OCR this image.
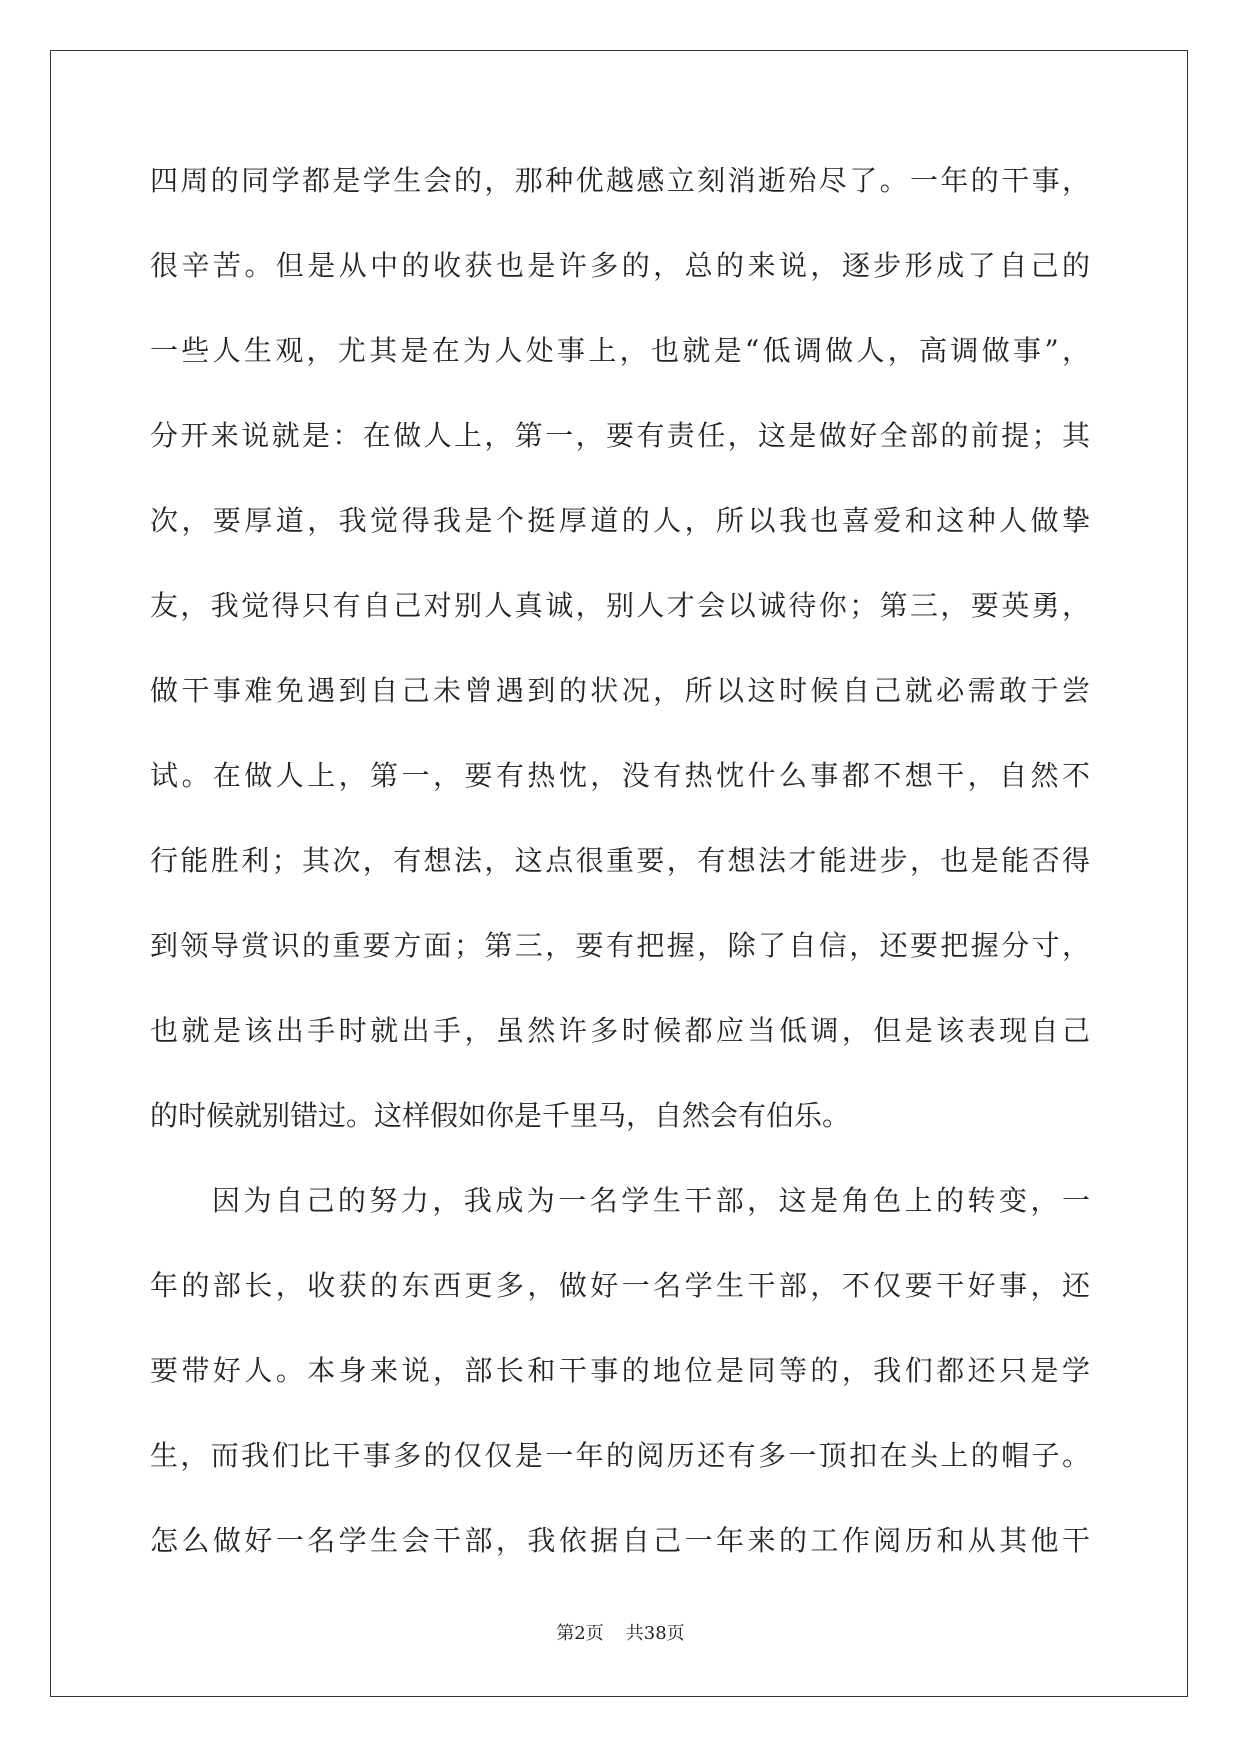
四周的同学都是学生会的，那种优越感立刻消逝殆尽了。一年的干事，
很辛苦。但是从中的收获也是许多的，总的来说，逐步形成了自己的
一些人生观，尤其是在为人处事上，也就是“低调做人，高调做事”，
分开来说就是：在做人上，第一，要有责任，这是做好全部的前提；其
次，要厚道，我觉得我是个挺厚道的人，所以我也喜爱和这种人做挚
友，我觉得只有自己对别人真诚，别人才会以诚待你；第三，要英勇，
做干事难免遇到自己未曾遇到的状况，所以这时候自己就必需敢于尝
试。在做人上，第一，要有热忱，没有热忱什么事都不想干，自然不
行能胜利；其次，有想法，这点很重要，有想法才能进步，也是能否得
到领导赏识的重要方面；第三，要有把握，除了自信，还要把握分寸，
也就是该出手时就出手，虽然许多时候都应当低调，但是该表现自己
的时候就别错过。这样假如你是千里马，自然会有伯乐。
因为自己的努力，我成为一名学生干部，这是角色上的转变，一
年的部长，收获的东西更多，做好一名学生干部，不仅要干好事，还
要带好人。本身来说，部长和干事的地位是同等的，我们都还只是学
生，而我们比干事多的仅仅是一年的阅历还有多一顶扣在头上的帽子。
怎么做好一名学生会干部，我依据自己一年来的工作阅历和从其他干
第2页 共38页
